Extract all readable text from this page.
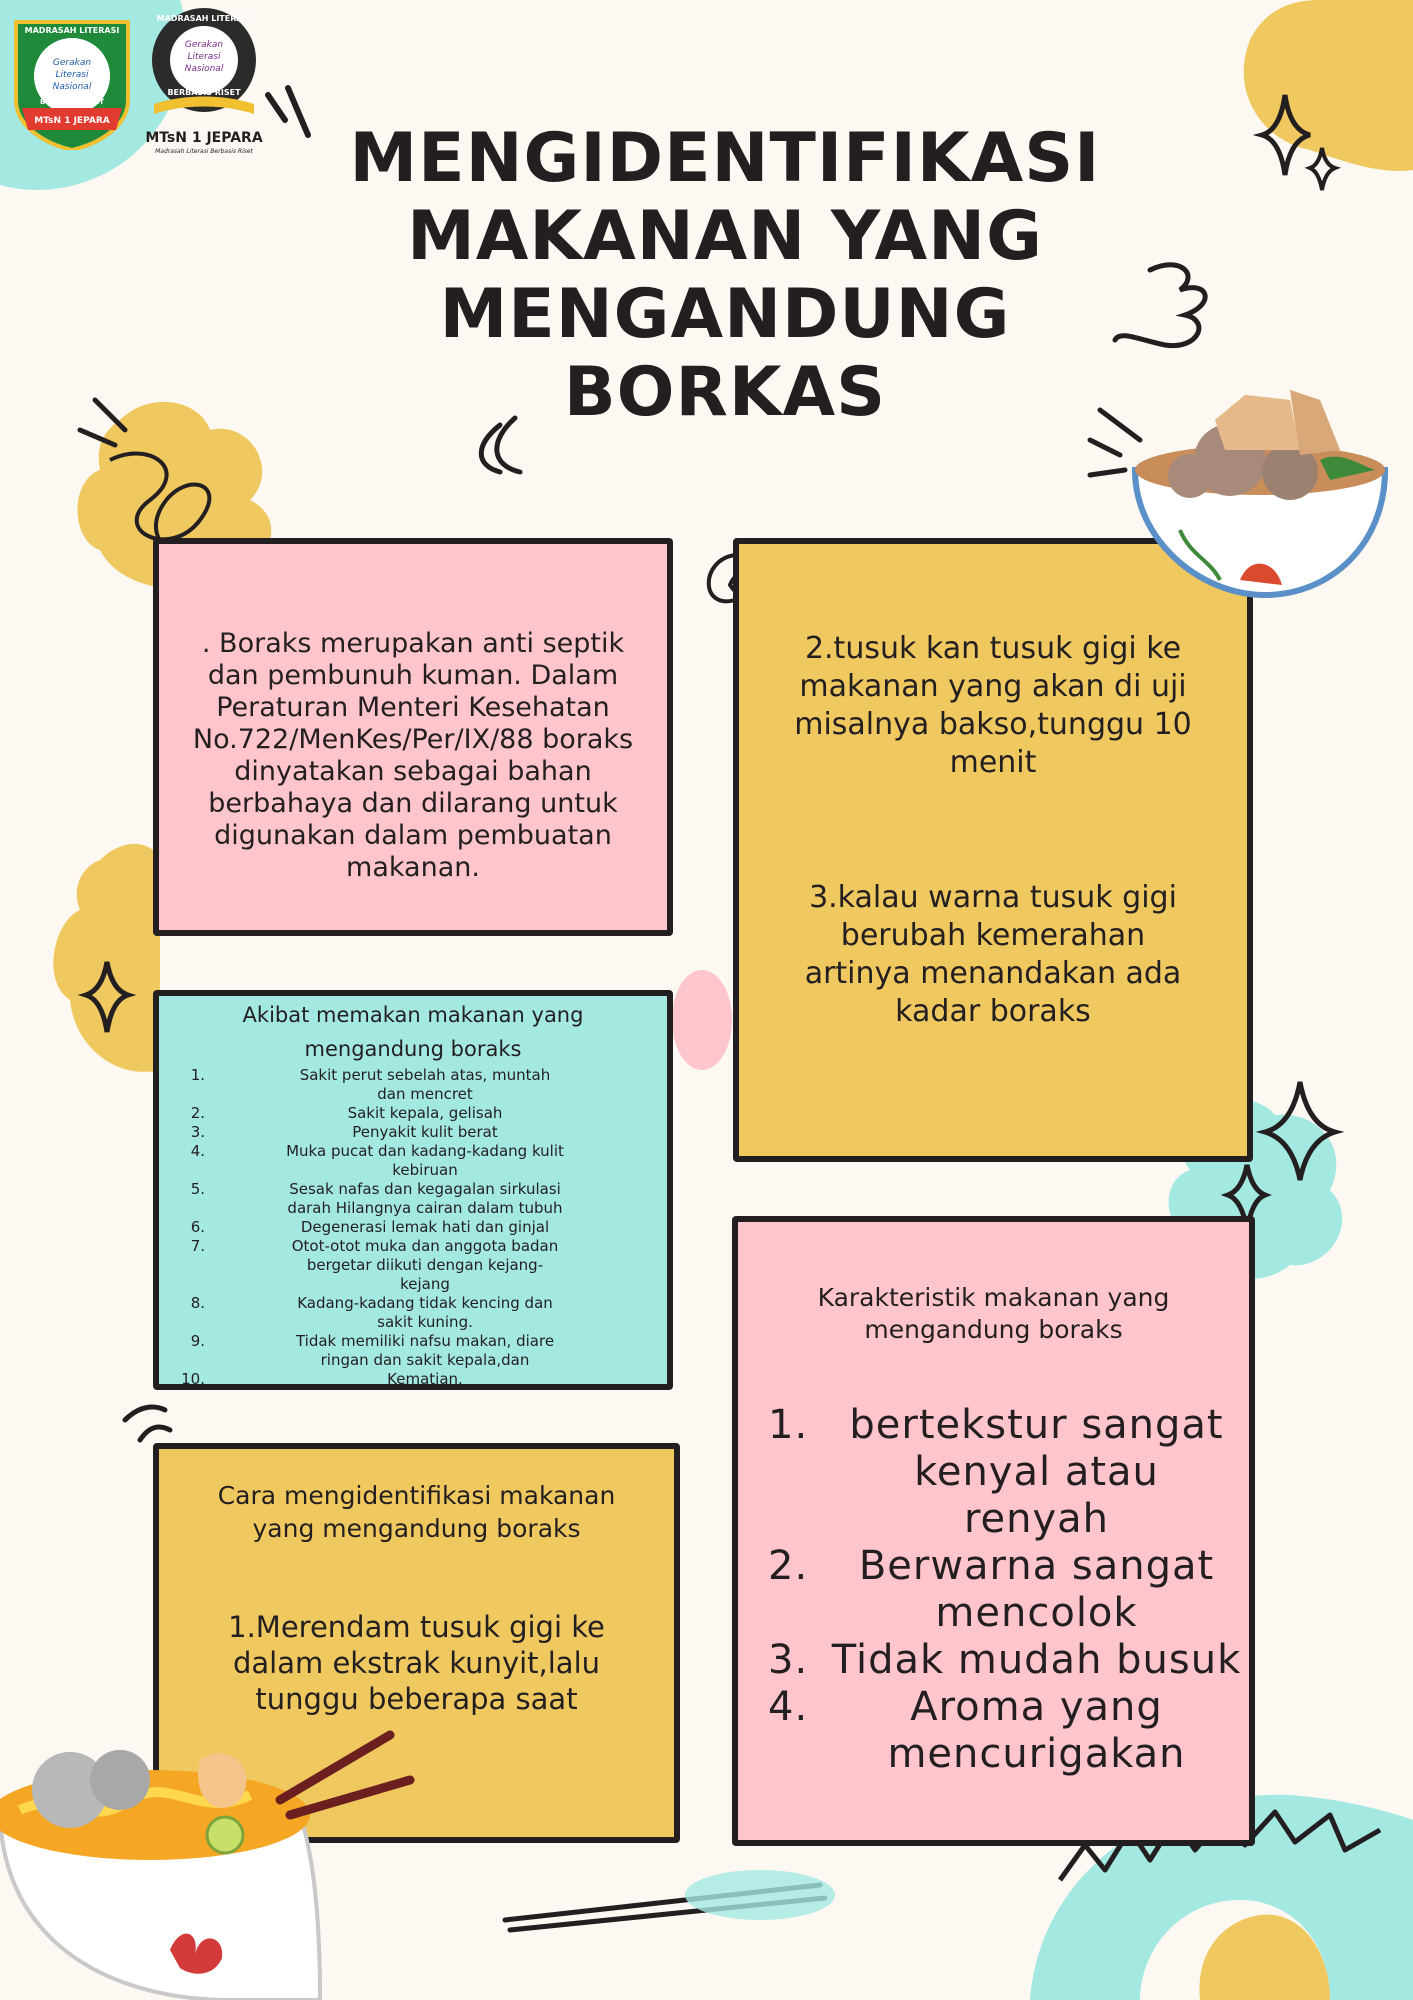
MADRASAH LITERASI
Gerakan
Literasi
Nasional
BERBASIS RISET
MTsN 1 JEPARA
MADRASAH LITERASI
Gerakan
Literasi
Nasional
BERBASIS RISET
MTsN 1 JEPARA
Madrasah Literasi Berbasis Riset	MENGIDENTIFIKASI
MAKANAN YANG
MENGANDUNG
BORKAS
. Boraks merupakan anti septik
dan pembunuh kuman. Dalam
Peraturan Menteri Kesehatan
No.722/MenKes/Per/IX/88 boraks
dinyatakan sebagai bahan
berbahaya dan dilarang untuk
digunakan dalam pembuatan
makanan.
2.tusuk kan tusuk gigi ke
makanan yang akan di uji
misalnya bakso,tunggu 10
menit
3.kalau warna tusuk gigi
berubah kemerahan
artinya menandakan ada
kadar boraks
Akibat memakan makanan yang
mengandung boraks
1.	Sakit perut sebelah atas, muntah
dan mencret
2.	Sakit kepala, gelisah
3.	Penyakit kulit berat
4.	Muka pucat dan kadang-kadang kulit
kebiruan
5.	Sesak nafas dan kegagalan sirkulasi
darah Hilangnya cairan dalam tubuh
6.	Degenerasi lemak hati dan ginjal
7.	Otot-otot muka dan anggota badan
bergetar diikuti dengan kejang-
kejang
8.	Kadang-kadang tidak kencing dan
sakit kuning.
9.	Tidak memiliki nafsu makan, diare
ringan dan sakit kepala,dan
10.	Kematian.
Karakteristik makanan yang
mengandung boraks
1.	bertekstur sangat
kenyal atau
renyah
2.	Berwarna sangat
mencolok
3. Tidak mudah busuk
4.	Aroma yang
mencurigakan
Cara mengidentifikasi makanan
yang mengandung boraks
1.Merendam tusuk gigi ke
dalam ekstrak kunyit,lalu
tunggu beberapa saat
